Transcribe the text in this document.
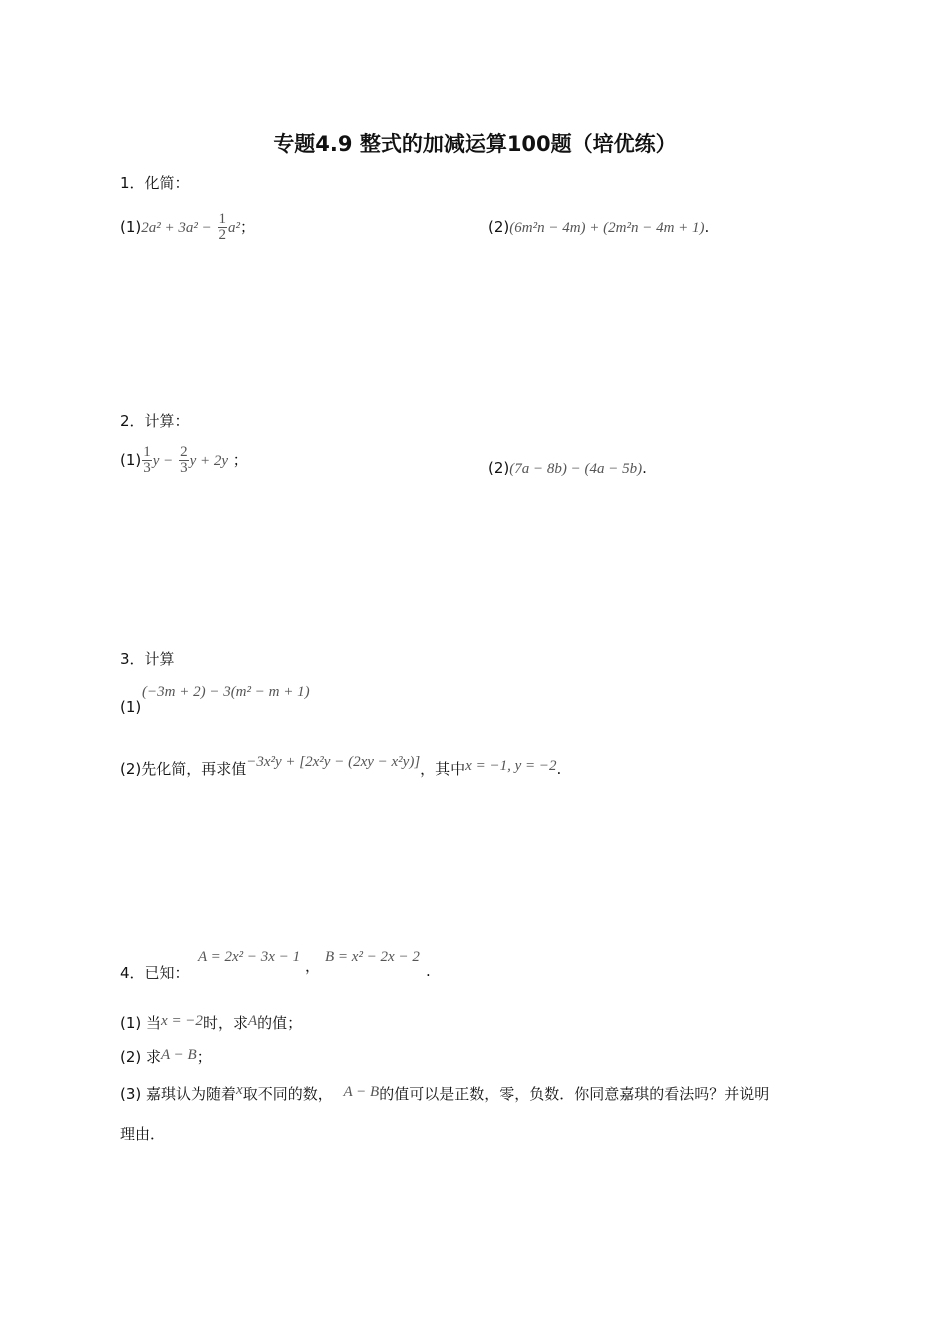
专题4.9 整式的加减运算100题（培优练）
1．化简：
$(1)2a^2 + 3a^2 - \frac{1}{2} a^2$；	(2)(6m²n − 4m) + (2m²n − 4m + 1).
2．计算：
$(1) \frac{1}{3}$ $y - \frac{2}{3}$ y + 2y ；	(2)(7a − 8b) − (4a − 5b).
3．计算
(1)
(−3m + 2) − 3(m² − m + 1)
(2)先化简，再求值−3x²y + [2x²y − (2xy − x²y)]，其中x = −1, y = −2.
4．已知：
A = 2x² − 3x − 1 ， B = x² − 2x − 2
.
(1) 当x = −2时，求A的值；
(2) 求A − B；
(3) 嘉琪认为随着x取不同的数， A − B的值可以是正数，零，负数．你同意嘉琪的看法吗？并说明
理由．
